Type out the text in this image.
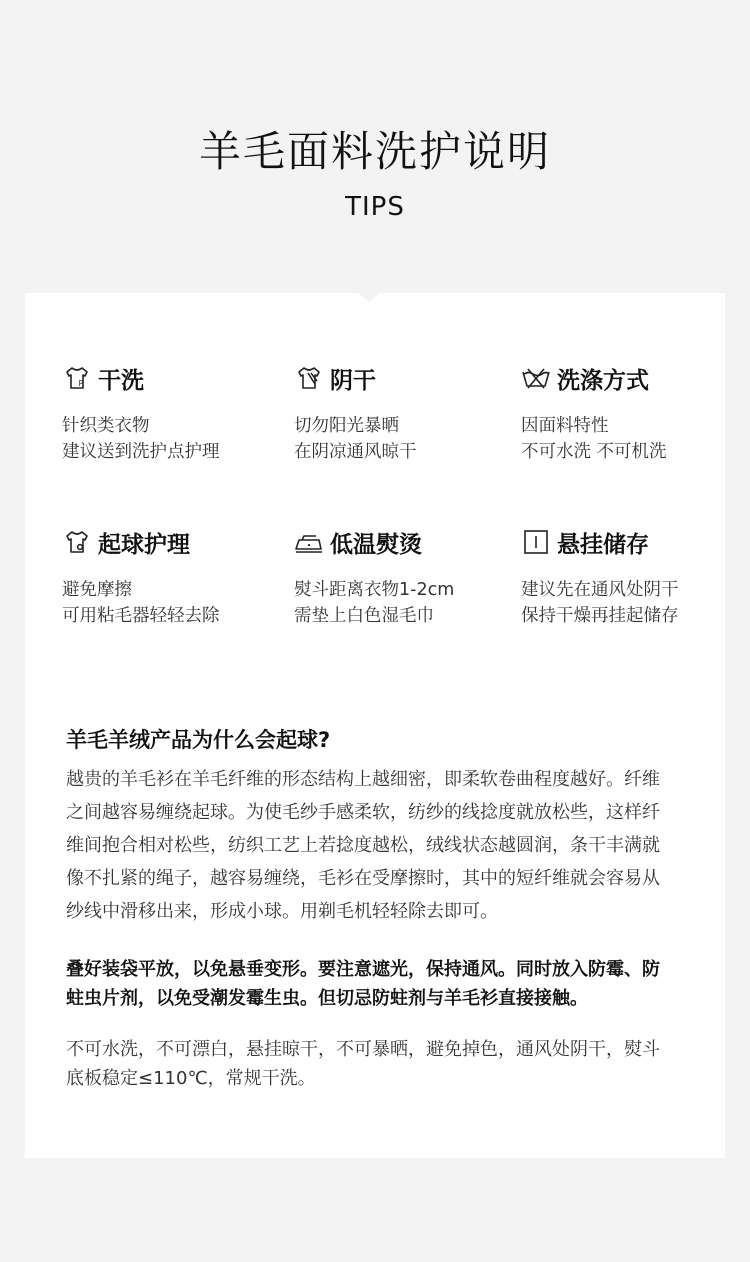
羊毛面料洗护说明
TIPS
P 干洗
针织类衣物
建议送到洗护点护理
阴干
切勿阳光暴晒
在阴凉通风晾干
洗涤方式
因面料特性
不可水洗 不可机洗
起球护理
避免摩擦
可用粘毛器轻轻去除
低温熨烫
熨斗距离衣物1-2cm
需垫上白色湿毛巾
悬挂储存
建议先在通风处阴干
保持干燥再挂起储存
羊毛羊绒产品为什么会起球?
越贵的羊毛衫在羊毛纤维的形态结构上越细密，即柔软卷曲程度越好。纤维
之间越容易缠绕起球。为使毛纱手感柔软，纺纱的线捻度就放松些，这样纤
维间抱合相对松些，纺织工艺上若捻度越松，绒线状态越圆润，条干丰满就
像不扎紧的绳子，越容易缠绕，毛衫在受摩擦时，其中的短纤维就会容易从
纱线中滑移出来，形成小球。用剃毛机轻轻除去即可。
叠好装袋平放，以免悬垂变形。要注意遮光，保持通风。同时放入防霉、防
蛀虫片剂，以免受潮发霉生虫。但切忌防蛀剂与羊毛衫直接接触。
不可水洗，不可漂白，悬挂晾干，不可暴晒，避免掉色，通风处阴干，熨斗
底板稳定≤110℃，常规干洗。
